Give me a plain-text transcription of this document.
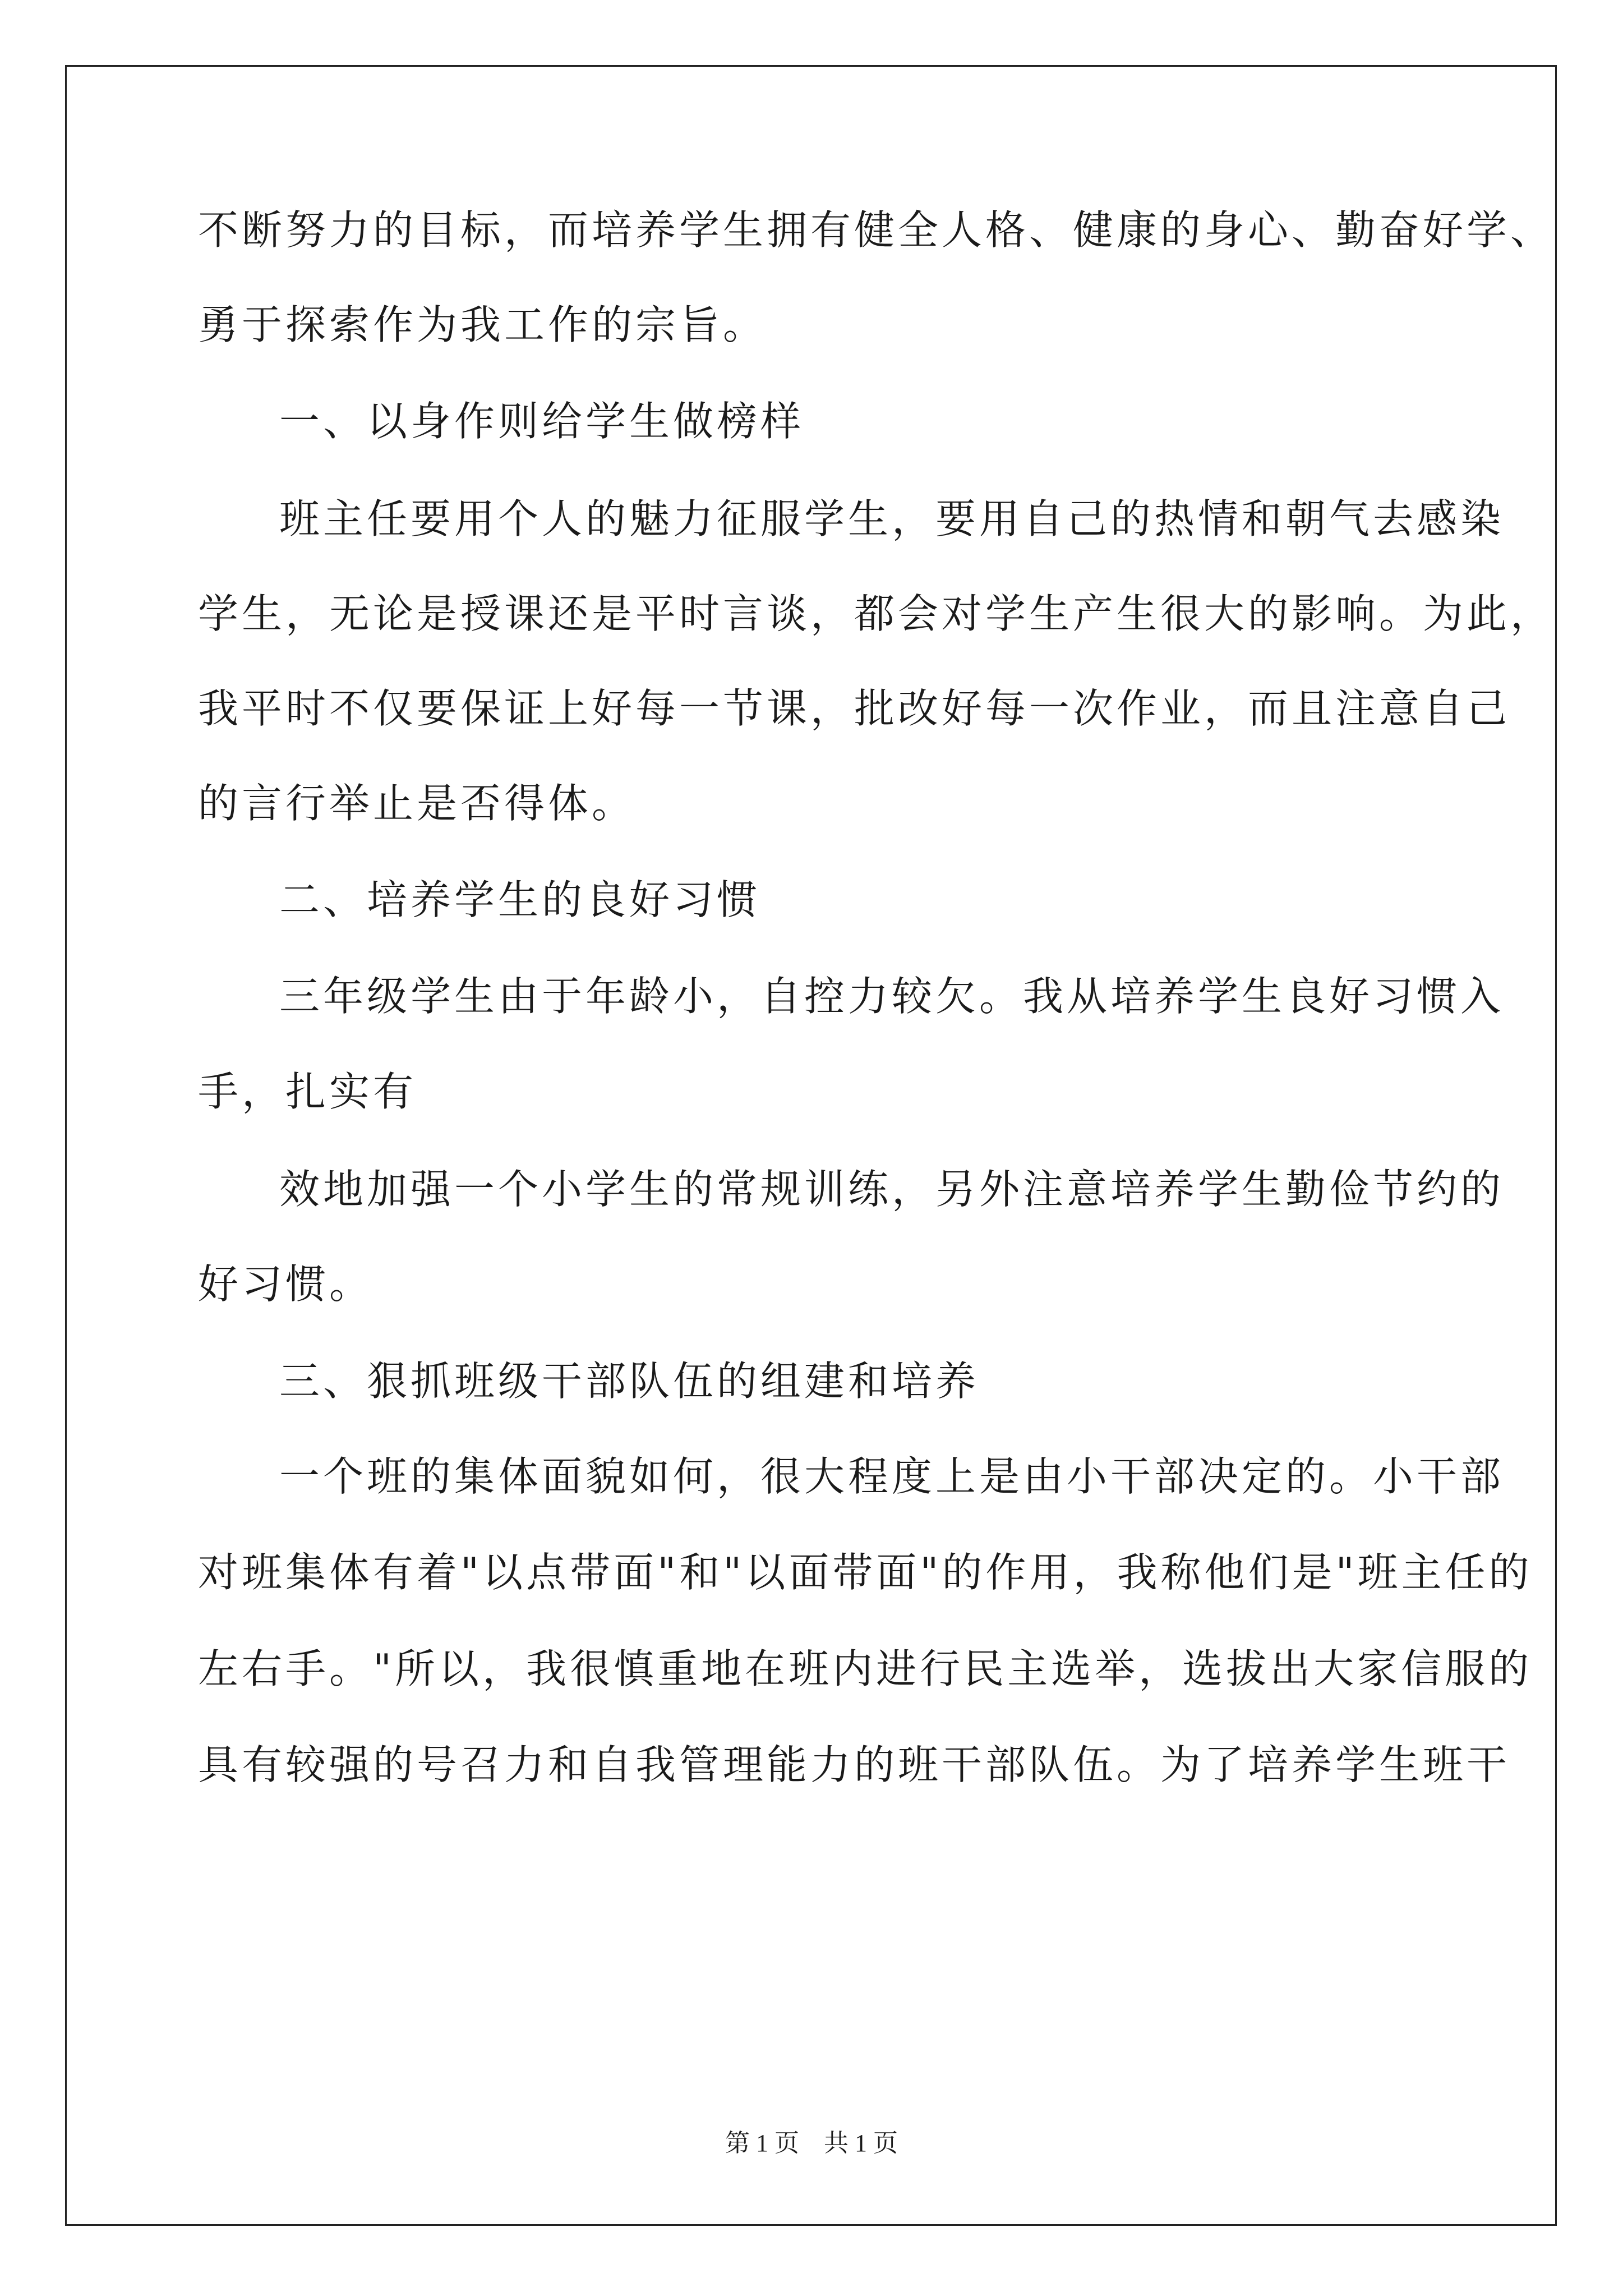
不断努力的目标，而培养学生拥有健全人格、健康的身心、勤奋好学、
勇于探索作为我工作的宗旨。
一、以身作则给学生做榜样
班主任要用个人的魅力征服学生，要用自己的热情和朝气去感染
学生，无论是授课还是平时言谈，都会对学生产生很大的影响。为此，
我平时不仅要保证上好每一节课，批改好每一次作业，而且注意自己
的言行举止是否得体。
二、培养学生的良好习惯
三年级学生由于年龄小，自控力较欠。我从培养学生良好习惯入
手，扎实有
效地加强一个小学生的常规训练，另外注意培养学生勤俭节约的
好习惯。
三、狠抓班级干部队伍的组建和培养
一个班的集体面貌如何，很大程度上是由小干部决定的。小干部
对班集体有着"以点带面"和"以面带面"的作用，我称他们是"班主任的
左右手。"所以，我很慎重地在班内进行民主选举，选拔出大家信服的
具有较强的号召力和自我管理能力的班干部队伍。为了培养学生班干
第 1 页    共 1 页
